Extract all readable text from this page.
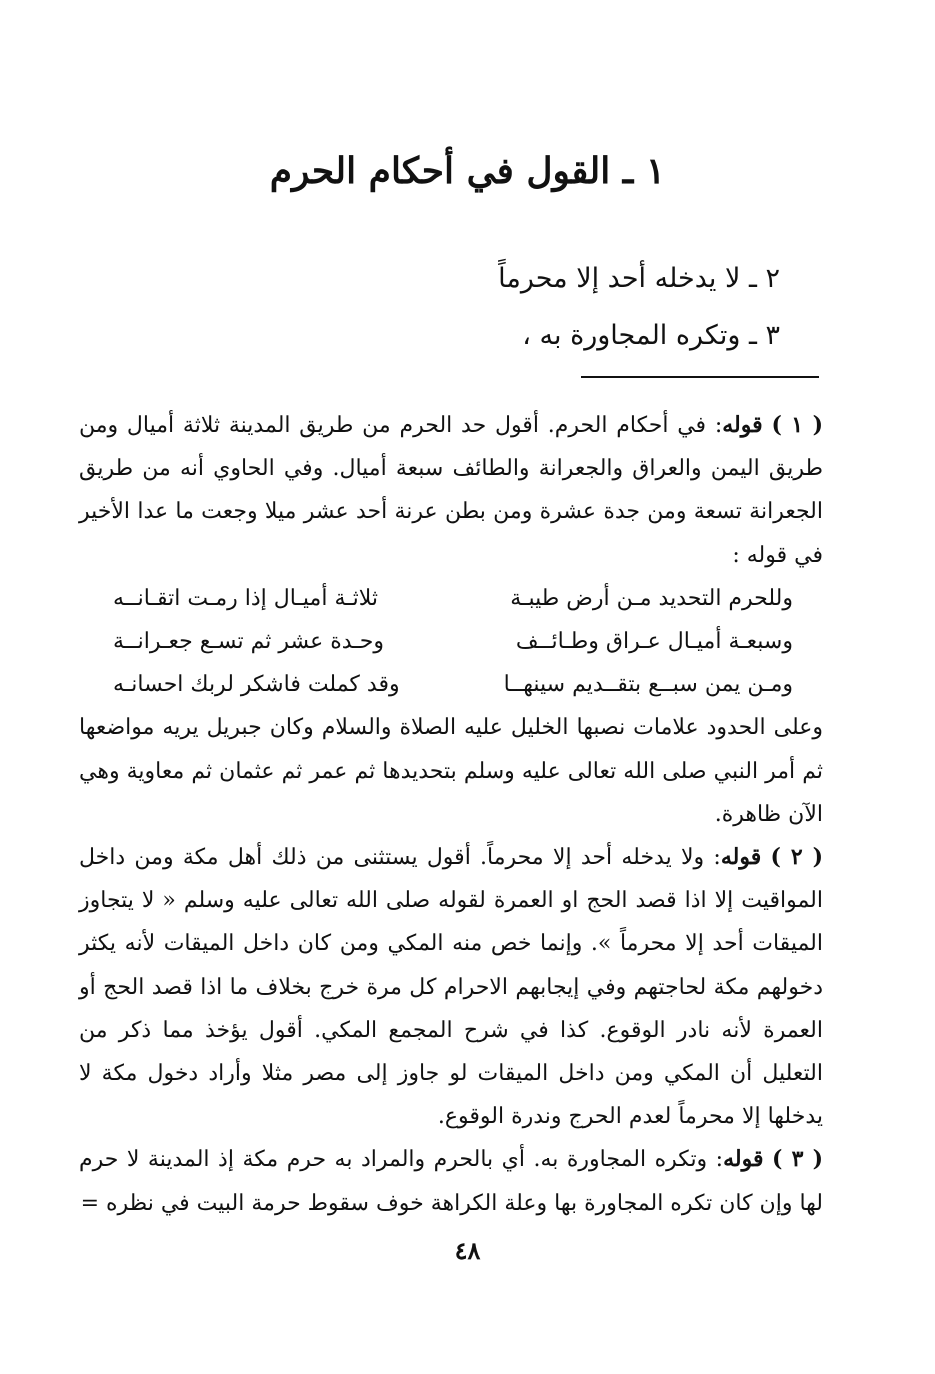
١ ـ القول في أحكام الحرم
٢ ـ لا يدخله أحد إلا محرماً
٣ ـ وتكره المجاورة به ،

( ١ ) قوله: في أحكام الحرم. أقول حد الحرم من طريق المدينة ثلاثة أميال ومن طريق اليمن والعراق والجعرانة والطائف سبعة أميال. وفي الحاوي أنه من طريق الجعرانة تسعة ومن جدة عشرة ومن بطن عرنة أحد عشر ميلا وجعت ما عدا الأخير في قوله :

وللحرم التحديد مـن أرض طيبـة
ثلاثـة أميـال إذا رمـت اتقـانــه
وسبعـة أميـال عـراق وطـائــف
وحـدة عشر ثم تسـع جعـرانــة
ومـن يمن سبــع بتقــديم سينهــا
وقد كملت فاشكر لربك احسانـه

وعلى الحدود علامات نصبها الخليل عليه الصلاة والسلام وكان جبريل يريه مواضعها ثم أمر النبي صلى الله تعالى عليه وسلم بتحديدها ثم عمر ثم عثمان ثم معاوية وهي الآن ظاهرة.

( ٢ ) قوله: ولا يدخله أحد إلا محرماً. أقول يستثنى من ذلك أهل مكة ومن داخل المواقيت إلا اذا قصد الحج او العمرة لقوله صلى الله تعالى عليه وسلم « لا يتجاوز الميقات أحد إلا محرماً ». وإنما خص منه المكي ومن كان داخل الميقات لأنه يكثر دخولهم مكة لحاجتهم وفي إيجابهم الاحرام كل مرة خرج بخلاف ما اذا قصد الحج أو العمرة لأنه نادر الوقوع. كذا في شرح المجمع المكي. أقول يؤخذ مما ذكر من التعليل أن المكي ومن داخل الميقات لو جاوز إلى مصر مثلا وأراد دخول مكة لا يدخلها إلا محرماً لعدم الحرج وندرة الوقوع.

( ٣ ) قوله: وتكره المجاورة به. أي بالحرم والمراد به حرم مكة إذ المدينة لا حرم لها وإن كان تكره المجاورة بها وعلة الكراهة خوف سقوط حرمة البيت في نظره =

٤٨
